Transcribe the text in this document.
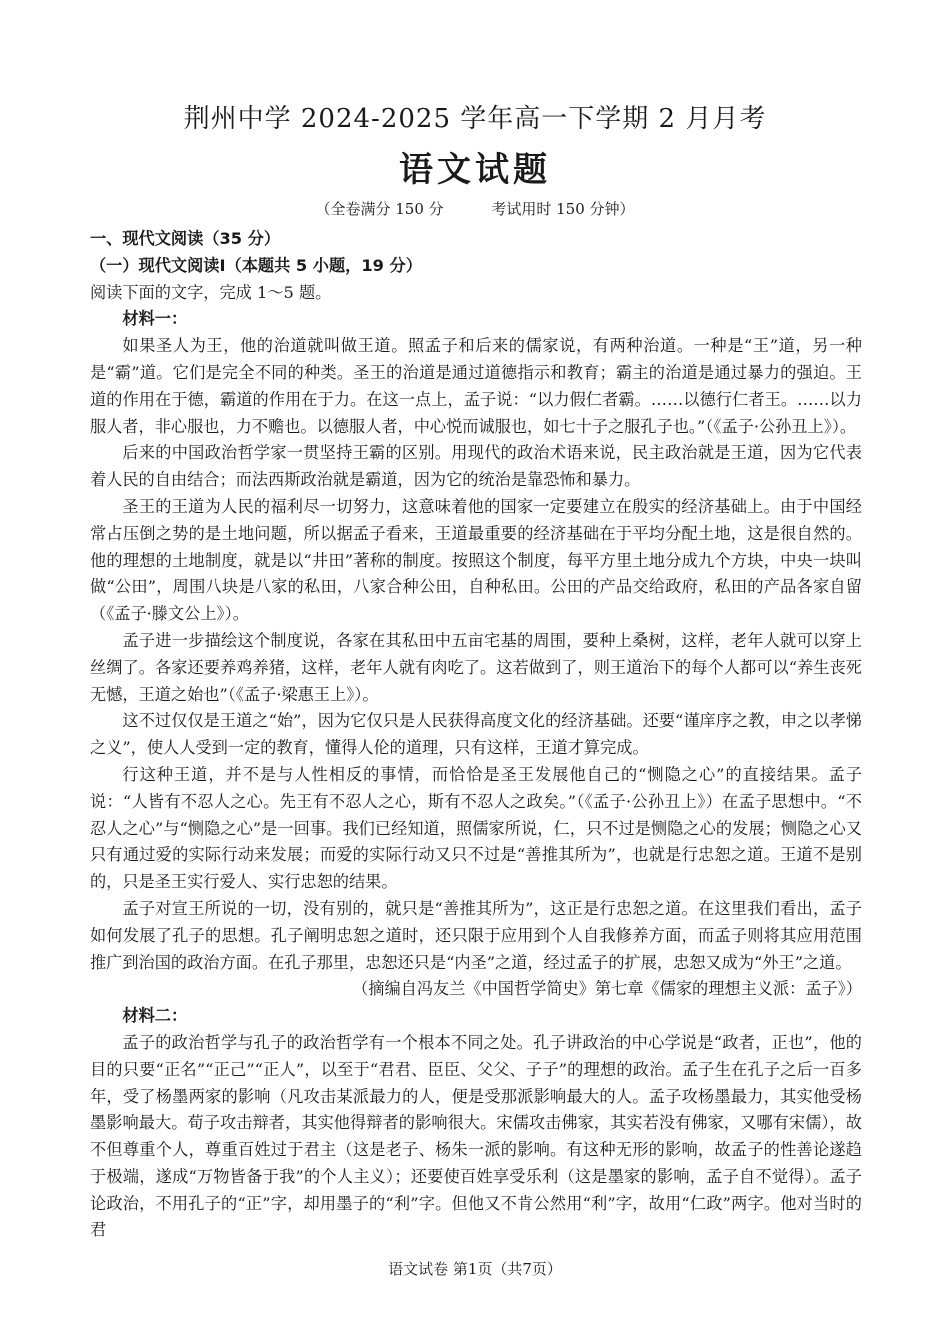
荆州中学 2024-2025 学年高一下学期 2 月月考
语文试题
（全卷满分 150 分          考试用时 150 分钟）

一、现代文阅读（35 分）

（一）现代文阅读Ⅰ（本题共 5 小题，19 分）

阅读下面的文字，完成 1～5 题。

材料一：

如果圣人为王，他的治道就叫做王道。照孟子和后来的儒家说，有两种治道。一种是“王”道，另一种是“霸”道。它们是完全不同的种类。圣王的治道是通过道德指示和教育；霸主的治道是通过暴力的强迫。王道的作用在于德，霸道的作用在于力。在这一点上，孟子说：“以力假仁者霸。……以德行仁者王。……以力服人者，非心服也，力不赡也。以德服人者，中心悦而诚服也，如七十子之服孔子也。”（《孟子·公孙丑上》）。

后来的中国政治哲学家一贯坚持王霸的区别。用现代的政治术语来说，民主政治就是王道，因为它代表着人民的自由结合；而法西斯政治就是霸道，因为它的统治是靠恐怖和暴力。

圣王的王道为人民的福利尽一切努力，这意味着他的国家一定要建立在殷实的经济基础上。由于中国经常占压倒之势的是土地问题，所以据孟子看来，王道最重要的经济基础在于平均分配土地，这是很自然的。他的理想的土地制度，就是以“井田”著称的制度。按照这个制度，每平方里土地分成九个方块，中央一块叫做“公田”，周围八块是八家的私田，八家合种公田，自种私田。公田的产品交给政府，私田的产品各家自留（《孟子·滕文公上》）。

孟子进一步描绘这个制度说，各家在其私田中五亩宅基的周围，要种上桑树，这样，老年人就可以穿上丝绸了。各家还要养鸡养猪，这样，老年人就有肉吃了。这若做到了，则王道治下的每个人都可以“养生丧死无憾，王道之始也”（《孟子·梁惠王上》）。

这不过仅仅是王道之“始”，因为它仅只是人民获得高度文化的经济基础。还要“谨庠序之教，申之以孝悌之义”，使人人受到一定的教育，懂得人伦的道理，只有这样，王道才算完成。

行这种王道，并不是与人性相反的事情，而恰恰是圣王发展他自己的“恻隐之心”的直接结果。孟子说：“人皆有不忍人之心。先王有不忍人之心，斯有不忍人之政矣。”（《孟子·公孙丑上》）在孟子思想中。“不忍人之心”与“恻隐之心”是一回事。我们已经知道，照儒家所说，仁，只不过是恻隐之心的发展；恻隐之心又只有通过爱的实际行动来发展；而爱的实际行动又只不过是“善推其所为”，也就是行忠恕之道。王道不是别的，只是圣王实行爱人、实行忠恕的结果。

孟子对宣王所说的一切，没有别的，就只是“善推其所为”，这正是行忠恕之道。在这里我们看出，孟子如何发展了孔子的思想。孔子阐明忠恕之道时，还只限于应用到个人自我修养方面，而孟子则将其应用范围推广到治国的政治方面。在孔子那里，忠恕还只是“内圣”之道，经过孟子的扩展，忠恕又成为“外王”之道。

（摘编自冯友兰《中国哲学简史》第七章《儒家的理想主义派：孟子》）

材料二：

孟子的政治哲学与孔子的政治哲学有一个根本不同之处。孔子讲政治的中心学说是“政者，正也”，他的目的只要“正名”“正己”“正人”，以至于“君君、臣臣、父父、子子”的理想的政治。孟子生在孔子之后一百多年，受了杨墨两家的影响（凡攻击某派最力的人，便是受那派影响最大的人。孟子攻杨墨最力，其实他受杨墨影响最大。荀子攻击辩者，其实他得辩者的影响很大。宋儒攻击佛家，其实若没有佛家，又哪有宋儒），故不但尊重个人，尊重百姓过于君主（这是老子、杨朱一派的影响。有这种无形的影响，故孟子的性善论遂趋于极端，遂成“万物皆备于我”的个人主义）；还要使百姓享受乐利（这是墨家的影响，孟子自不觉得）。孟子论政治，不用孔子的“正”字，却用墨子的“利”字。但他又不肯公然用“利”字，故用“仁政”两字。他对当时的君

语文试卷 第1页（共7页）
